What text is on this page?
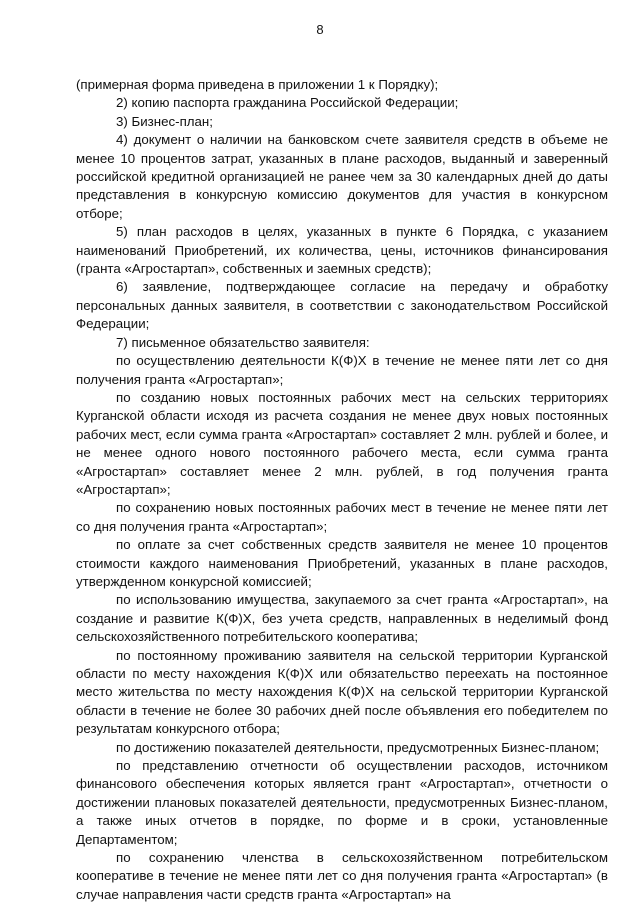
8

(примерная форма приведена в приложении 1 к Порядку);

2) копию паспорта гражданина Российской Федерации;

3) Бизнес-план;

4) документ о наличии на банковском счете заявителя средств в объеме не менее 10 процентов затрат, указанных в плане расходов, выданный и заверенный российской кредитной организацией не ранее чем за 30 календарных дней до даты представления в конкурсную комиссию документов для участия в конкурсном отборе;

5) план расходов в целях, указанных в пункте 6 Порядка, с указанием наименований Приобретений, их количества, цены, источников финансирования (гранта «Агростартап», собственных и заемных средств);

6) заявление, подтверждающее согласие на передачу и обработку персональных данных заявителя, в соответствии с законодательством Российской Федерации;

7) письменное обязательство заявителя:

по осуществлению деятельности К(Ф)Х в течение не менее пяти лет со дня получения гранта «Агростартап»;

по созданию новых постоянных рабочих мест на сельских территориях Курганской области исходя из расчета создания не менее двух новых постоянных рабочих мест, если сумма гранта «Агростартап» составляет 2 млн. рублей и более, и не менее одного нового постоянного рабочего места, если сумма гранта «Агростартап» составляет менее 2 млн. рублей, в год получения гранта «Агростартап»;

по сохранению новых постоянных рабочих мест в течение не менее пяти лет со дня получения гранта «Агростартап»;

по оплате за счет собственных средств заявителя не менее 10 процентов стоимости каждого наименования Приобретений, указанных в плане расходов, утвержденном конкурсной комиссией;

по использованию имущества, закупаемого за счет гранта «Агростартап», на создание и развитие К(Ф)Х, без учета средств, направленных в неделимый фонд сельскохозяйственного потребительского кооператива;

по постоянному проживанию заявителя на сельской территории Курганской области по месту нахождения К(Ф)Х или обязательство переехать на постоянное место жительства по месту нахождения К(Ф)Х на сельской территории Курганской области в течение не более 30 рабочих дней после объявления его победителем по результатам конкурсного отбора;

по достижению показателей деятельности, предусмотренных Бизнес-планом;

по представлению отчетности об осуществлении расходов, источником финансового обеспечения которых является грант «Агростартап», отчетности о достижении плановых показателей деятельности, предусмотренных Бизнес-планом, а также иных отчетов в порядке, по форме и в сроки, установленные Департаментом;

по сохранению членства в сельскохозяйственном потребительском кооперативе в течение не менее пяти лет со дня получения гранта «Агростартап» (в случае направления части средств гранта «Агростартап» на
